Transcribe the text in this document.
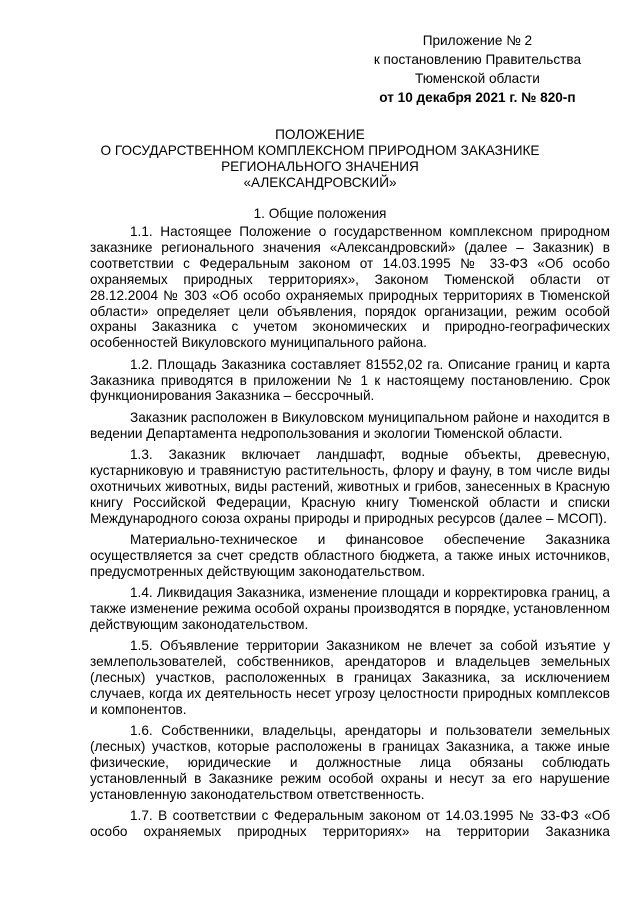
Приложение № 2
к постановлению Правительства
Тюменской области
от 10 декабря 2021 г. № 820-п
ПОЛОЖЕНИЕ
О ГОСУДАРСТВЕННОМ КОМПЛЕКСНОМ ПРИРОДНОМ ЗАКАЗНИКЕ
РЕГИОНАЛЬНОГО ЗНАЧЕНИЯ
«АЛЕКСАНДРОВСКИЙ»
1. Общие положения

1.1. Настоящее Положение о государственном комплексном природном заказнике регионального значения «Александровский» (далее – Заказник) в соответствии с Федеральным законом от 14.03.1995 № 33-ФЗ «Об особо охраняемых природных территориях», Законом Тюменской области от 28.12.2004 № 303 «Об особо охраняемых природных территориях в Тюменской области» определяет цели объявления, порядок организации, режим особой охраны Заказника с учетом экономических и природно-географических особенностей Викуловского муниципального района.

1.2. Площадь Заказника составляет 81552,02 га. Описание границ и карта Заказника приводятся в приложении № 1 к настоящему постановлению. Срок функционирования Заказника – бессрочный.

Заказник расположен в Викуловском муниципальном районе и находится в ведении Департамента недропользования и экологии Тюменской области.

1.3. Заказник включает ландшафт, водные объекты, древесную, кустарниковую и травянистую растительность, флору и фауну, в том числе виды охотничьих животных, виды растений, животных и грибов, занесенных в Красную книгу Российской Федерации, Красную книгу Тюменской области и списки Международного союза охраны природы и природных ресурсов (далее – МСОП).

Материально-техническое и финансовое обеспечение Заказника осуществляется за счет средств областного бюджета, а также иных источников, предусмотренных действующим законодательством.

1.4. Ликвидация Заказника, изменение площади и корректировка границ, а также изменение режима особой охраны производятся в порядке, установленном действующим законодательством.

1.5. Объявление территории Заказником не влечет за собой изъятие у землепользователей, собственников, арендаторов и владельцев земельных (лесных) участков, расположенных в границах Заказника, за исключением случаев, когда их деятельность несет угрозу целостности природных комплексов и компонентов.

1.6. Собственники, владельцы, арендаторы и пользователи земельных (лесных) участков, которые расположены в границах Заказника, а также иные физические, юридические и должностные лица обязаны соблюдать установленный в Заказнике режим особой охраны и несут за его нарушение установленную законодательством ответственность.

1.7. В соответствии с Федеральным законом от 14.03.1995 № 33-ФЗ «Об особо охраняемых природных территориях» на территории Заказника
